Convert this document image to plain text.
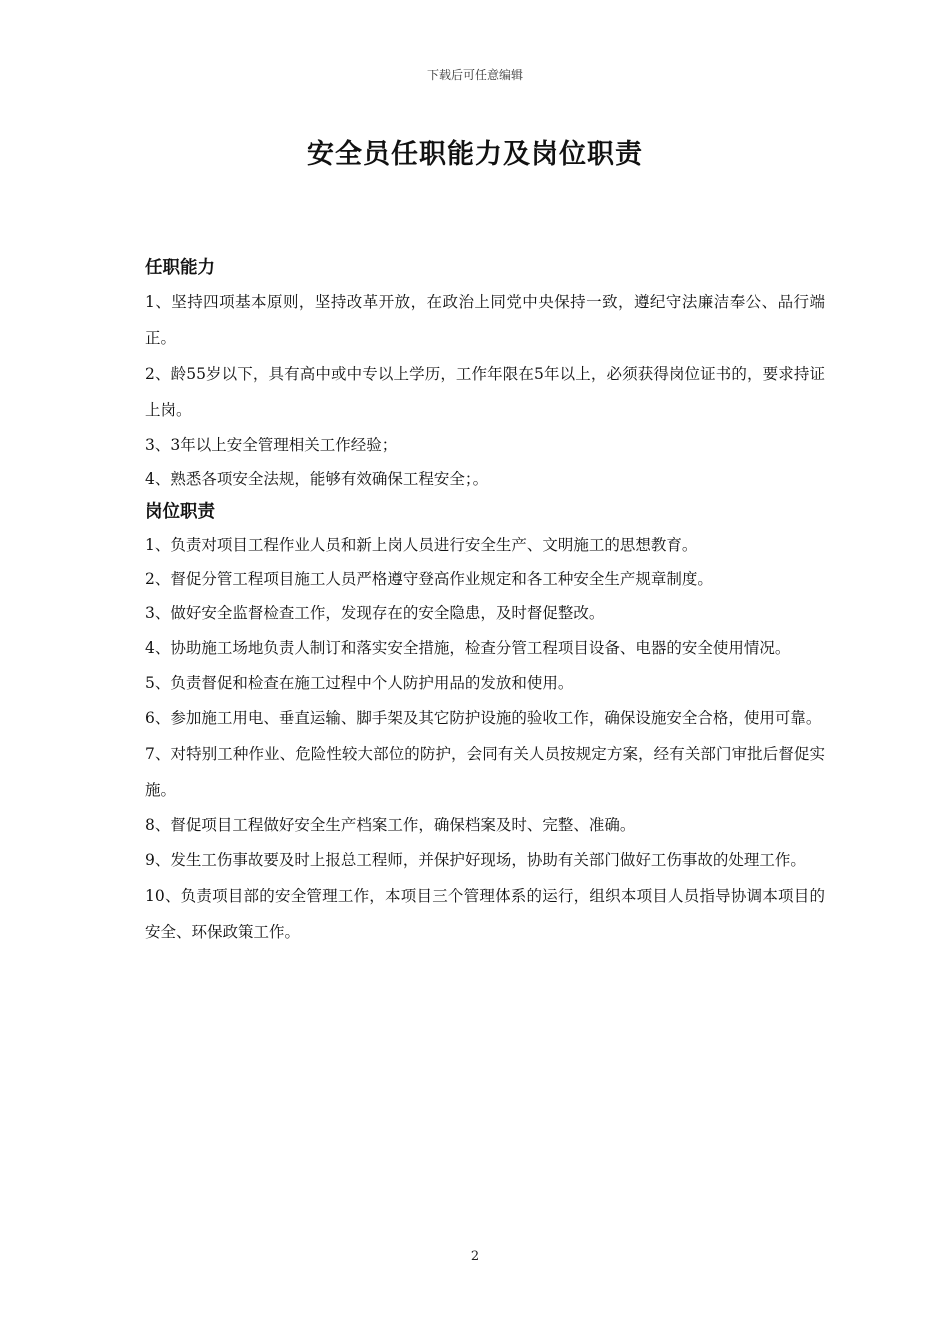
下载后可任意编辑
安全员任职能力及岗位职责
任职能力

1、坚持四项基本原则，坚持改革开放，在政治上同党中央保持一致，遵纪守法廉洁奉公、品行端正。

2、龄55岁以下，具有高中或中专以上学历，工作年限在5年以上，必须获得岗位证书的，要求持证上岗。

3、3年以上安全管理相关工作经验；

4、熟悉各项安全法规，能够有效确保工程安全；。

岗位职责

1、负责对项目工程作业人员和新上岗人员进行安全生产、文明施工的思想教育。

2、督促分管工程项目施工人员严格遵守登高作业规定和各工种安全生产规章制度。

3、做好安全监督检查工作，发现存在的安全隐患，及时督促整改。

4、协助施工场地负责人制订和落实安全措施，检查分管工程项目设备、电器的安全使用情况。

5、负责督促和检查在施工过程中个人防护用品的发放和使用。

6、参加施工用电、垂直运输、脚手架及其它防护设施的验收工作，确保设施安全合格，使用可靠。

7、对特别工种作业、危险性较大部位的防护，会同有关人员按规定方案，经有关部门审批后督促实施。

8、督促项目工程做好安全生产档案工作，确保档案及时、完整、准确。

9、发生工伤事故要及时上报总工程师，并保护好现场，协助有关部门做好工伤事故的处理工作。

10、负责项目部的安全管理工作，本项目三个管理体系的运行，组织本项目人员指导协调本项目的安全、环保政策工作。

2
